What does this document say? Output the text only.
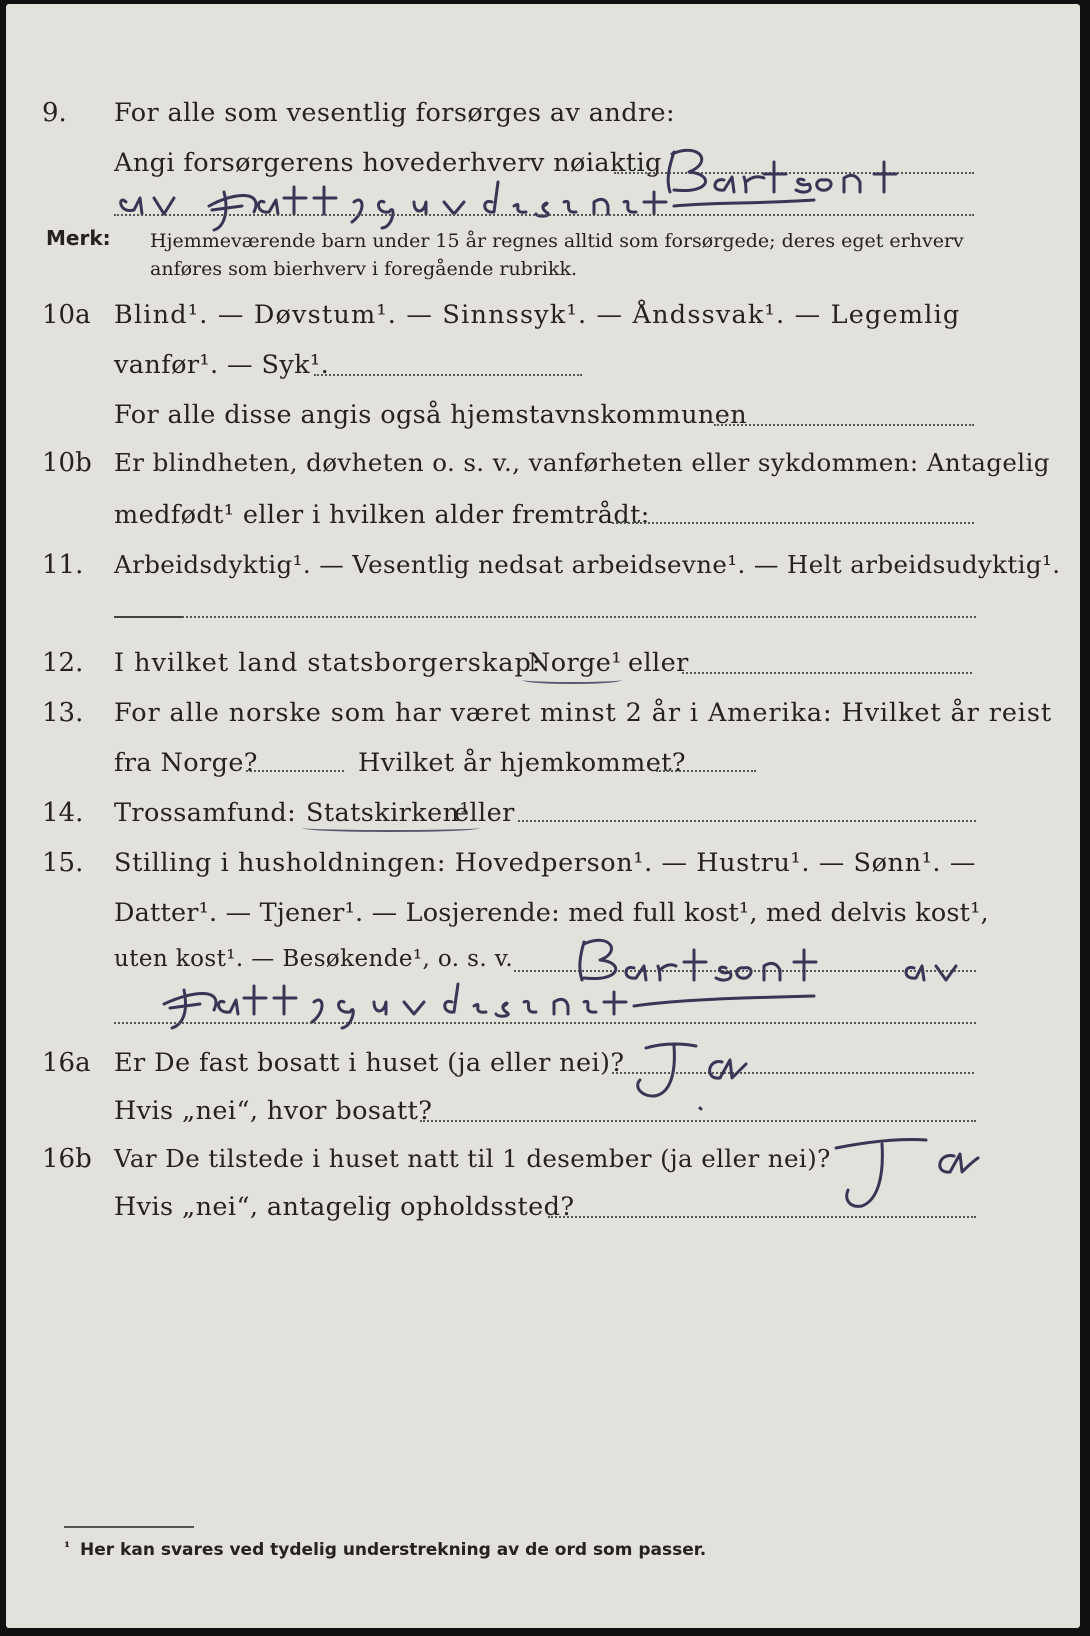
9. For alle som vesentlig forsørges av andre:
Angi forsørgerens hovederhverv nøiaktig
Merk: Hjemmeværende barn under 15 år regnes alltid som forsørgede; deres eget erhverv
anføres som bierhverv i foregående rubrikk.
10a Blind¹. — Døvstum¹. — Sinnssyk¹. — Åndssvak¹. — Legemlig
vanfør¹. — Syk¹.
For alle disse angis også hjemstavnskommunen
10b Er blindheten, døvheten o. s. v., vanførheten eller sykdommen: Antagelig
medfødt¹ eller i hvilken alder fremtrådt:
11. Arbeidsdyktig¹. — Vesentlig nedsat arbeidsevne¹. — Helt arbeidsudyktig¹.
12. I hvilket land statsborgerskap:
Norge¹ eller
13. For alle norske som har været minst 2 år i Amerika: Hvilket år reist
fra Norge?	Hvilket år hjemkommet?
14. Trossamfund: Statskirken¹
eller
15. Stilling i husholdningen: Hovedperson¹. — Hustru¹. — Sønn¹. —
Datter¹. — Tjener¹. — Losjerende: med full kost¹, med delvis kost¹,
uten kost¹. — Besøkende¹, o. s. v.
16a Er De fast bosatt i huset (ja eller nei)?
Hvis „nei“, hvor bosatt?
16b Var De tilstede i huset natt til 1 desember (ja eller nei)?
Hvis „nei“, antagelig opholdssted?
¹ Her kan svares ved tydelig understrekning av de ord som passer.
